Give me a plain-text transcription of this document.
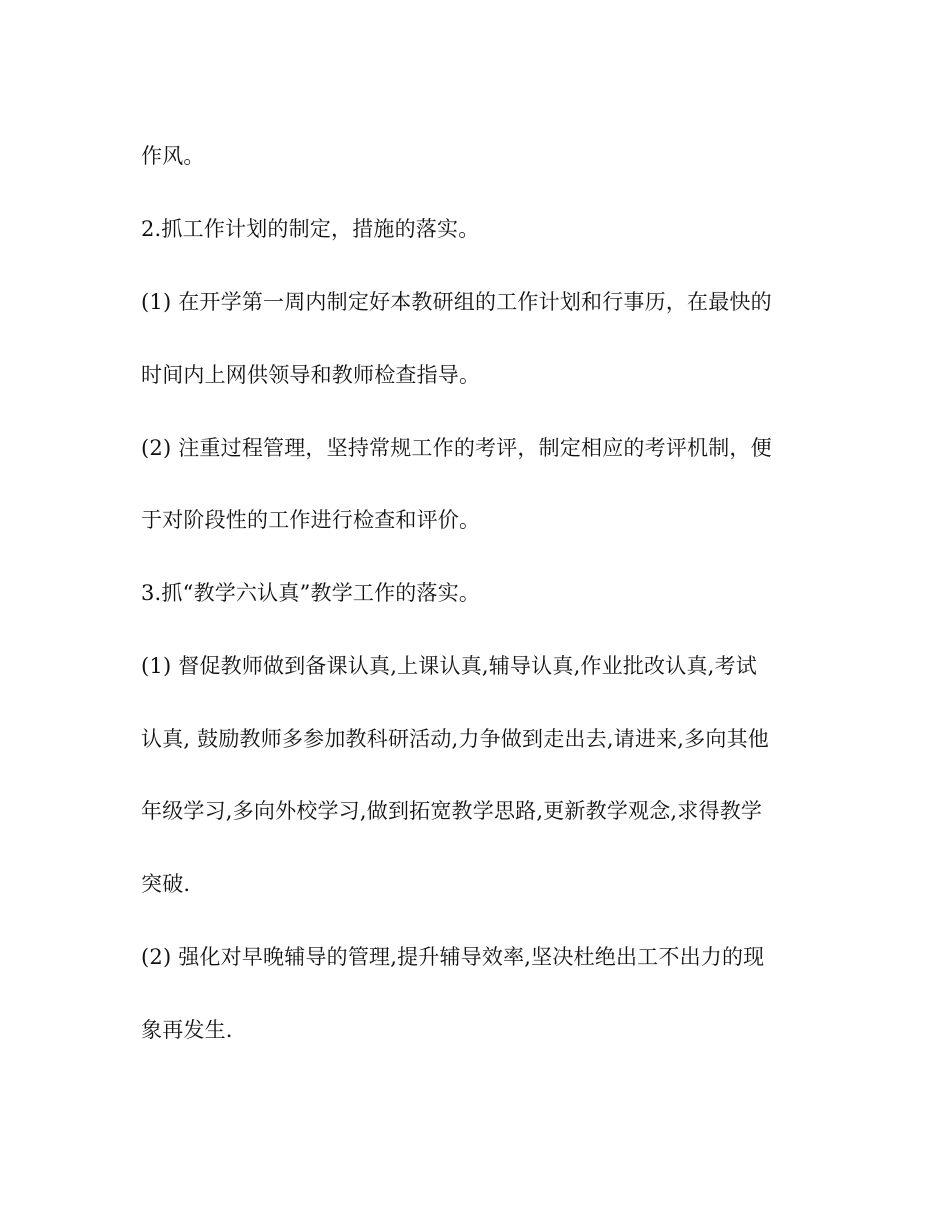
作风。
2.抓工作计划的制定，措施的落实。
(1) 在开学第一周内制定好本教研组的工作计划和行事历，在最快的
时间内上网供领导和教师检查指导。
(2) 注重过程管理，坚持常规工作的考评，制定相应的考评机制，便
于对阶段性的工作进行检查和评价。
3.抓“教学六认真”教学工作的落实。
(1) 督促教师做到备课认真,上课认真,辅导认真,作业批改认真,考试
认真, 鼓励教师多参加教科研活动,力争做到走出去,请进来,多向其他
年级学习,多向外校学习,做到拓宽教学思路,更新教学观念,求得教学
突破.
(2) 强化对早晚辅导的管理,提升辅导效率,坚决杜绝出工不出力的现
象再发生.
